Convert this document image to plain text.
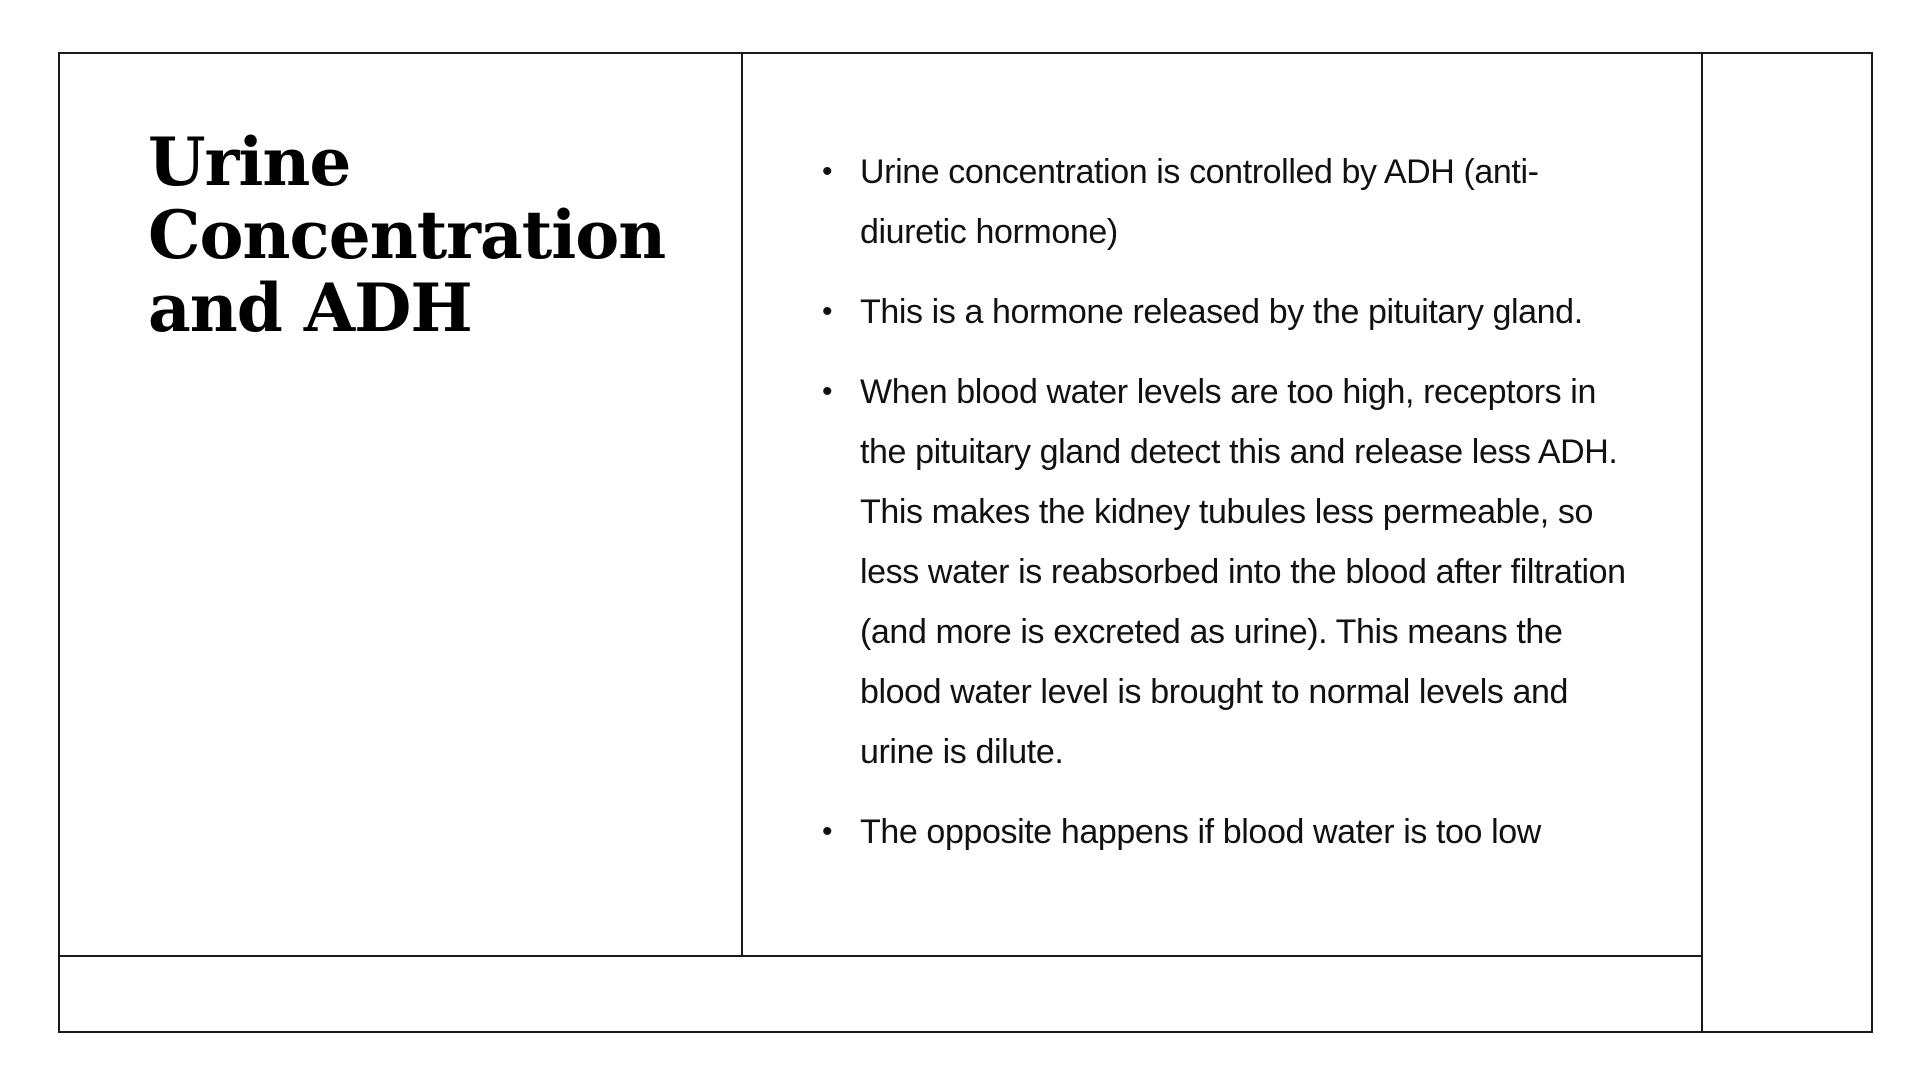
Urine
Concentration
and ADH
• Urine concentration is controlled by ADH (anti-diuretic hormone)
• This is a hormone released by the pituitary gland.
• When blood water levels are too high, receptors in the pituitary gland detect this and release less ADH. This makes the kidney tubules less permeable, so less water is reabsorbed into the blood after filtration (and more is excreted as urine). This means the blood water level is brought to normal levels and urine is dilute.
• The opposite happens if blood water is too low
